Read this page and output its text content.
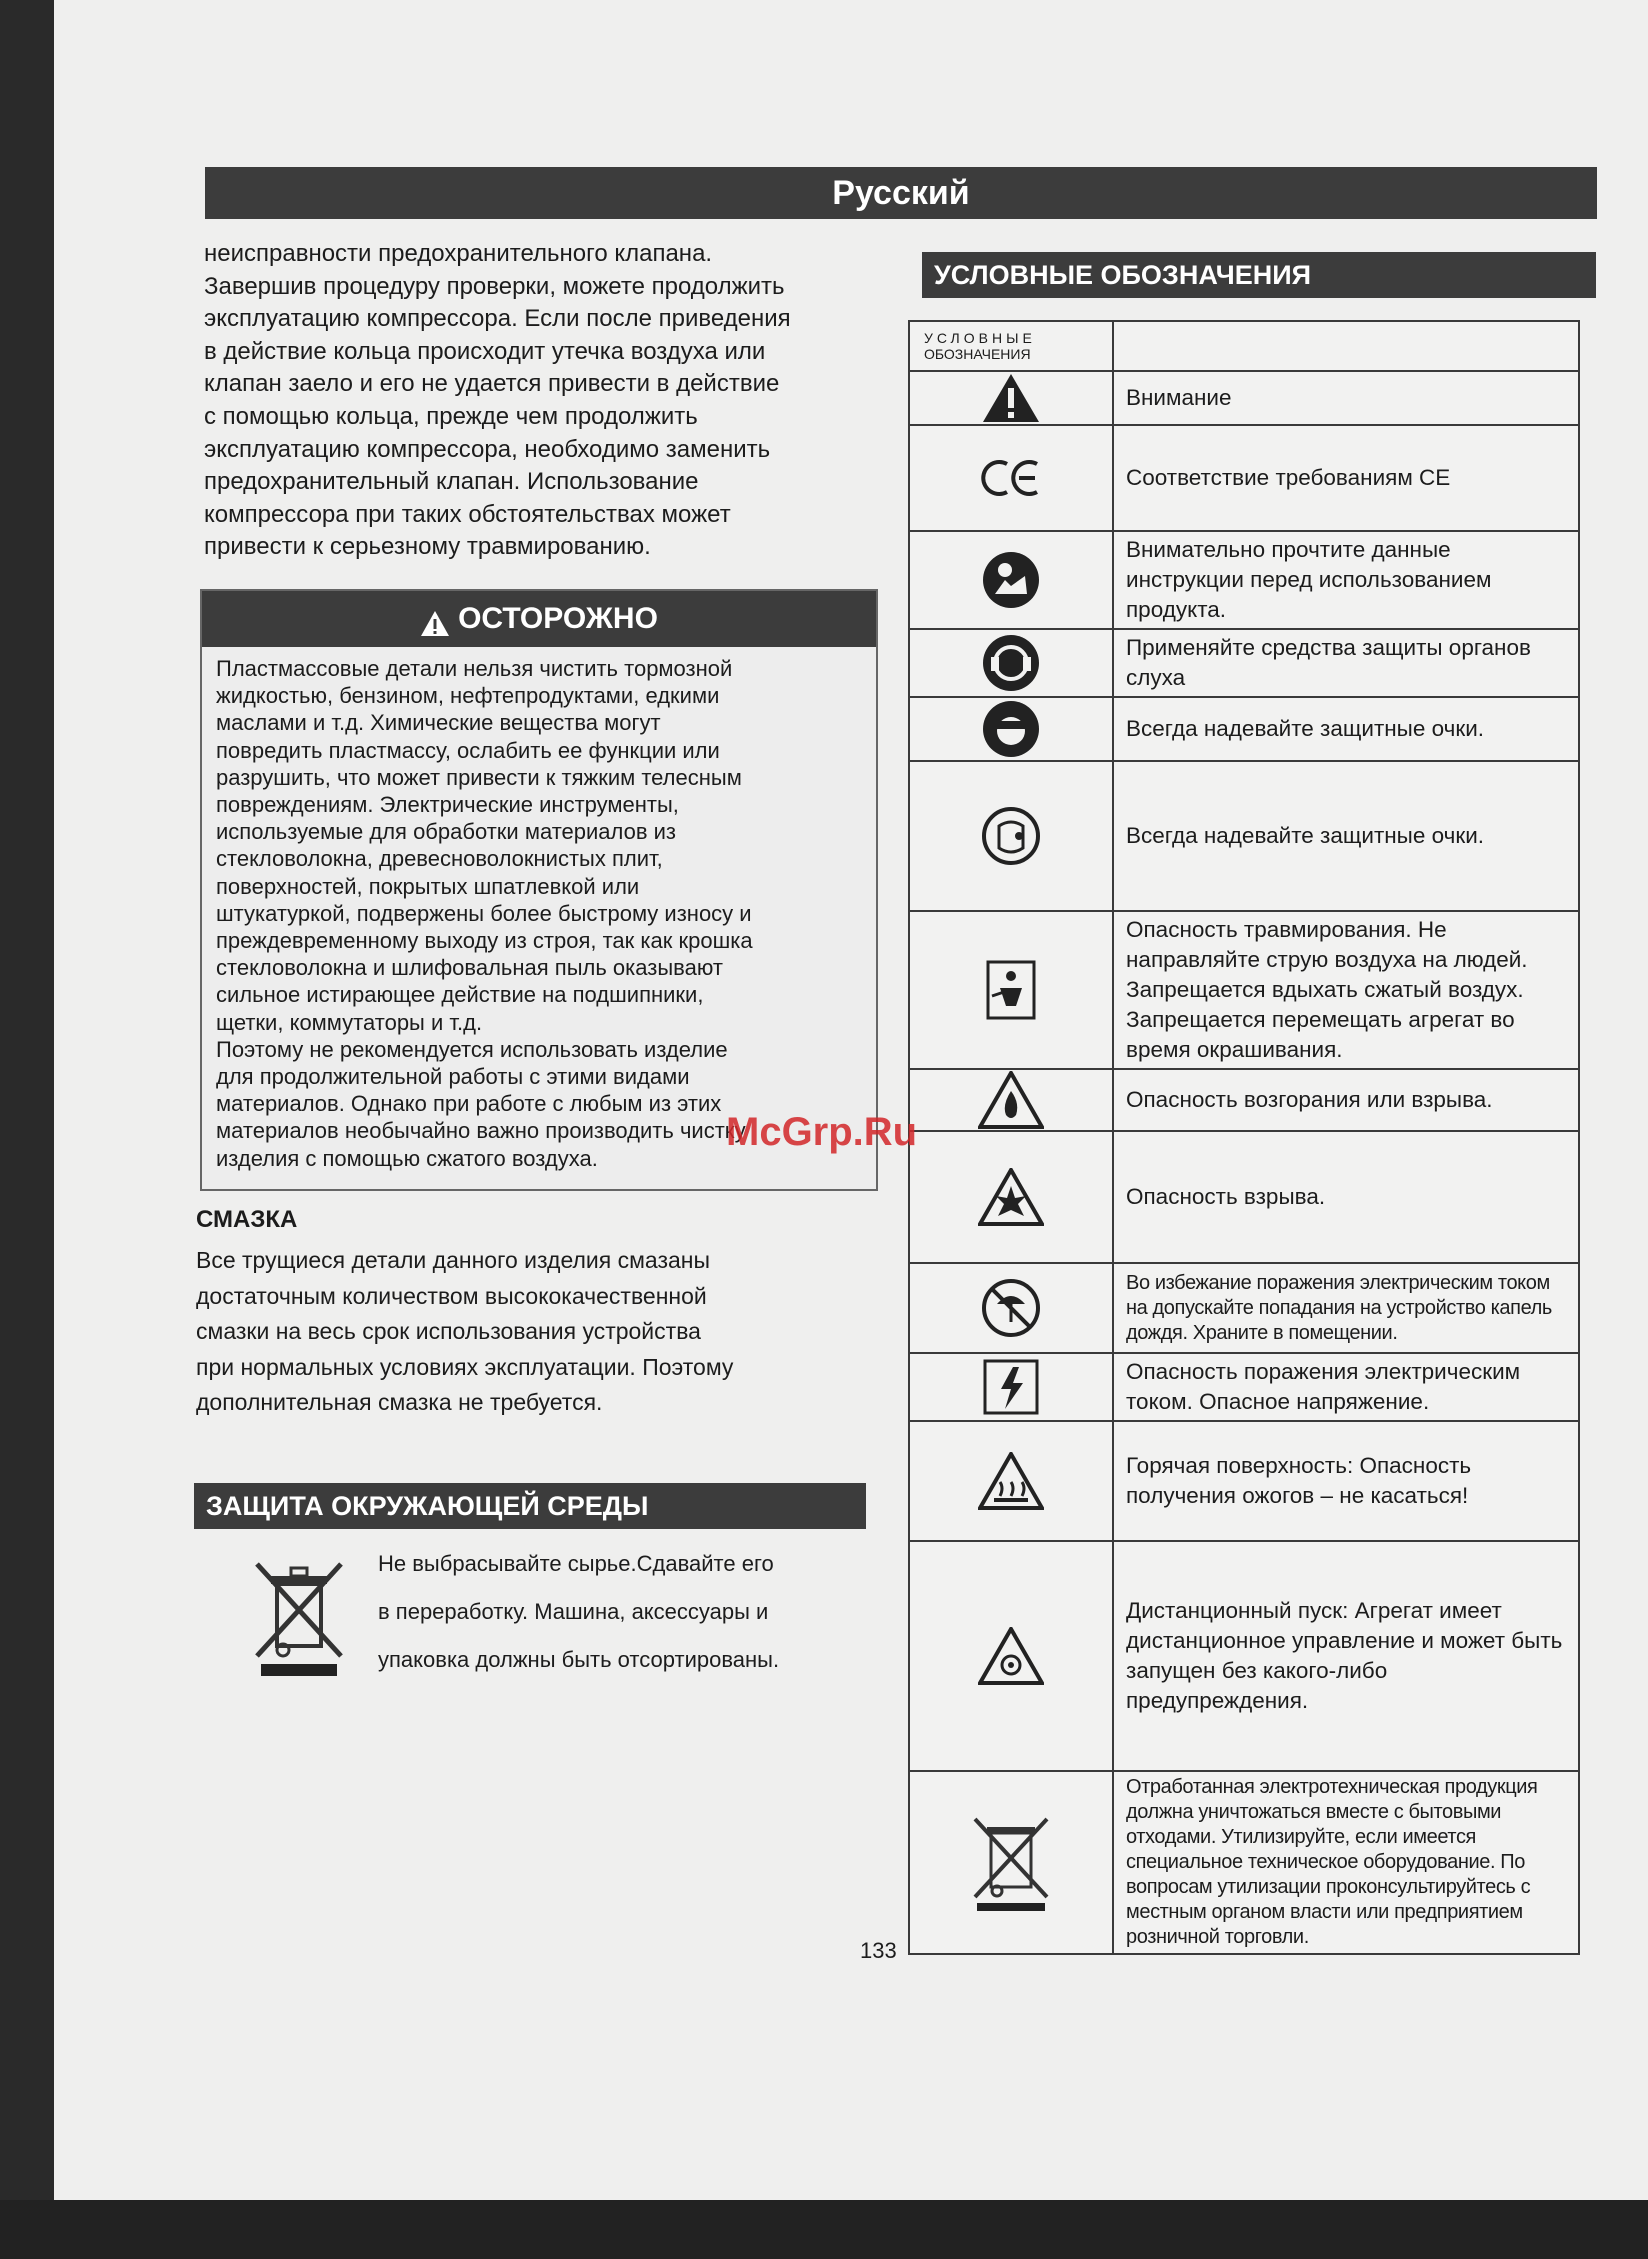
Русский
неисправности предохранительного клапана.
Завершив процедуру проверки, можете продолжить
эксплуатацию компрессора. Если после приведения
в действие кольца происходит утечка воздуха или
клапан заело и его не удается привести в действие
с помощью кольца, прежде чем продолжить
эксплуатацию компрессора, необходимо заменить
предохранительный клапан. Использование
компрессора при таких обстоятельствах может
привести к серьезному травмированию.
ОСТОРОЖНО
Пластмассовые детали нельзя чистить тормозной
жидкостью, бензином, нефтепродуктами, едкими
маслами и т.д. Химические вещества могут
повредить пластмассу, ослабить ее функции или
разрушить, что может привести к тяжким телесным
повреждениям. Электрические инструменты,
используемые для обработки материалов из
стекловолокна, древесноволокнистых плит,
поверхностей, покрытых шпатлевкой или
штукатуркой, подвержены более быстрому износу и
преждевременному выходу из строя, так как крошка
стекловолокна и шлифовальная пыль оказывают
сильное истирающее действие на подшипники,
щетки, коммутаторы и т.д.
Поэтому не рекомендуется использовать изделие
для продолжительной работы с этими видами
материалов. Однако при работе с любым из этих
материалов необычайно важно производить чистку
изделия с помощью сжатого воздуха.
СМАЗКА
Все трущиеся детали данного изделия смазаны
достаточным количеством высококачественной
смазки на весь срок использования устройства
при нормальных условиях эксплуатации. Поэтому
дополнительная смазка не требуется.
ЗАЩИТА ОКРУЖАЮЩЕЙ СРЕДЫ
Не выбрасывайте сырье.Сдавайте его
в переработку. Машина, аксессуары и
упаковка должны быть отсортированы.
УСЛОВНЫЕ ОБОЗНАЧЕНИЯ
УСЛОВНЫЕ
ОБОЗНАЧЕНИЯ	
	Внимание
	Соответствие требованиям CE
	Внимательно прочтите данные инструкции перед использованием продукта.
	Применяйте средства защиты органов слуха
	Всегда надевайте защитные очки.
	Всегда надевайте защитные очки.
	Опасность травмирования. Не направляйте струю воздуха на людей. Запрещается вдыхать сжатый воздух. Запрещается перемещать агрегат во время окрашивания.
	Опасность возгорания или взрыва.
	Опасность взрыва.
	Во избежание поражения электрическим током на допускайте попадания на устройство капель дождя. Храните в помещении.
	Опасность поражения электрическим током. Опасное напряжение.
	Горячая поверхность: Опасность получения ожогов – не касаться!
	Дистанционный пуск: Агрегат имеет дистанционное управление и может быть запущен без какого-либо предупреждения.
	Отработанная электротехническая продукция должна уничтожаться вместе с бытовыми отходами. Утилизируйте, если имеется специальное техническое оборудование. По вопросам утилизации проконсультируйтесь с местным органом власти или предприятием розничной торговли.
McGrp.Ru
133
